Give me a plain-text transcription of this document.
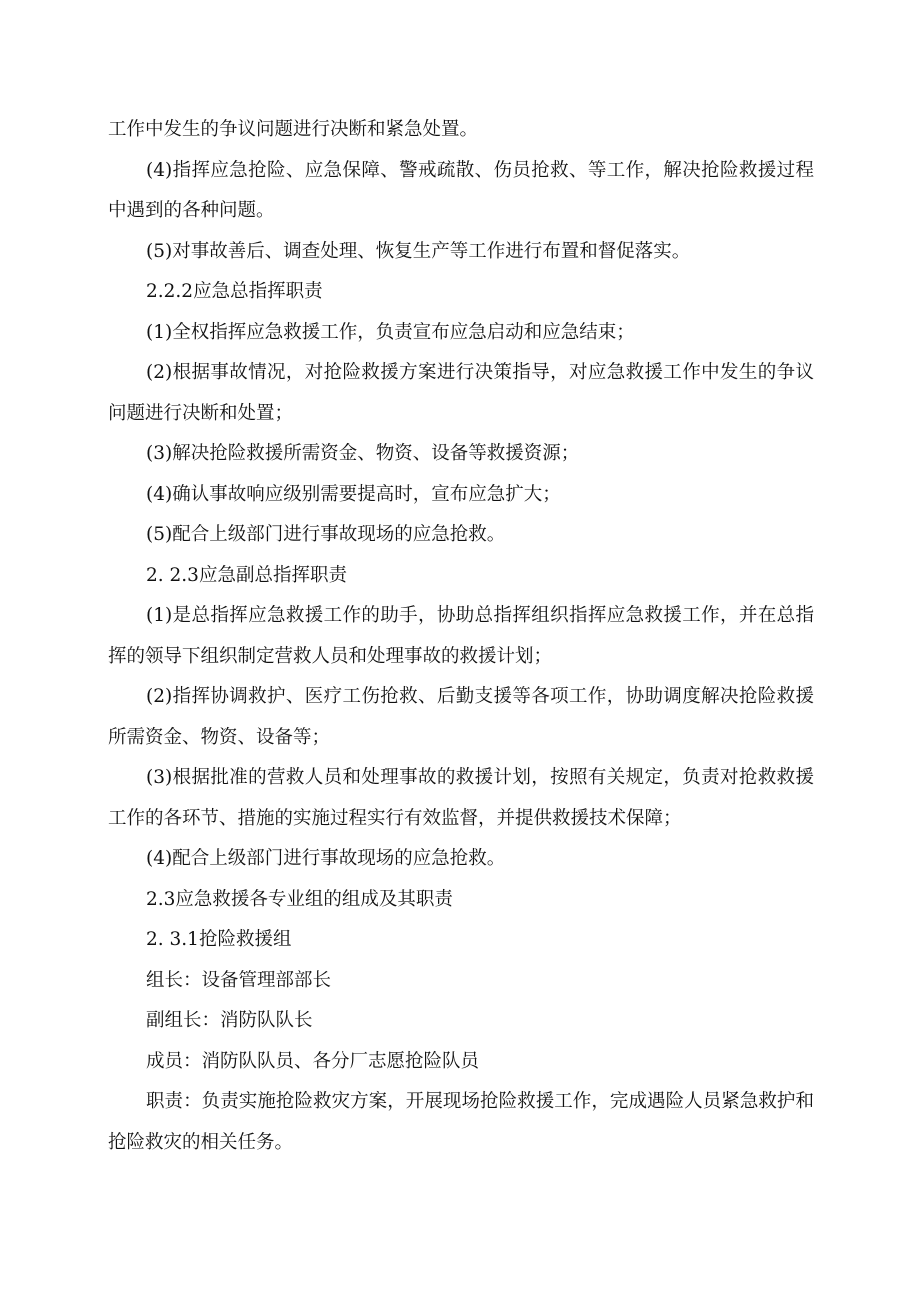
工作中发生的争议问题进行决断和紧急处置。

(4)指挥应急抢险、应急保障、警戒疏散、伤员抢救、等工作，解决抢险救援过程中遇到的各种问题。

(5)对事故善后、调查处理、恢复生产等工作进行布置和督促落实。

2.2.2应急总指挥职责

(1)全权指挥应急救援工作，负责宣布应急启动和应急结束；

(2)根据事故情况，对抢险救援方案进行决策指导，对应急救援工作中发生的争议问题进行决断和处置；

(3)解决抢险救援所需资金、物资、设备等救援资源；

(4)确认事故响应级别需要提高时，宣布应急扩大；

(5)配合上级部门进行事故现场的应急抢救。

2. 2.3应急副总指挥职责

(1)是总指挥应急救援工作的助手，协助总指挥组织指挥应急救援工作，并在总指挥的领导下组织制定营救人员和处理事故的救援计划；

(2)指挥协调救护、医疗工伤抢救、后勤支援等各项工作，协助调度解决抢险救援所需资金、物资、设备等；

(3)根据批准的营救人员和处理事故的救援计划，按照有关规定，负责对抢救救援工作的各环节、措施的实施过程实行有效监督，并提供救援技术保障；

(4)配合上级部门进行事故现场的应急抢救。

2.3应急救援各专业组的组成及其职责

2. 3.1抢险救援组

组长：设备管理部部长

副组长：消防队队长

成员：消防队队员、各分厂志愿抢险队员

职责：负责实施抢险救灾方案，开展现场抢险救援工作，完成遇险人员紧急救护和抢险救灾的相关任务。
